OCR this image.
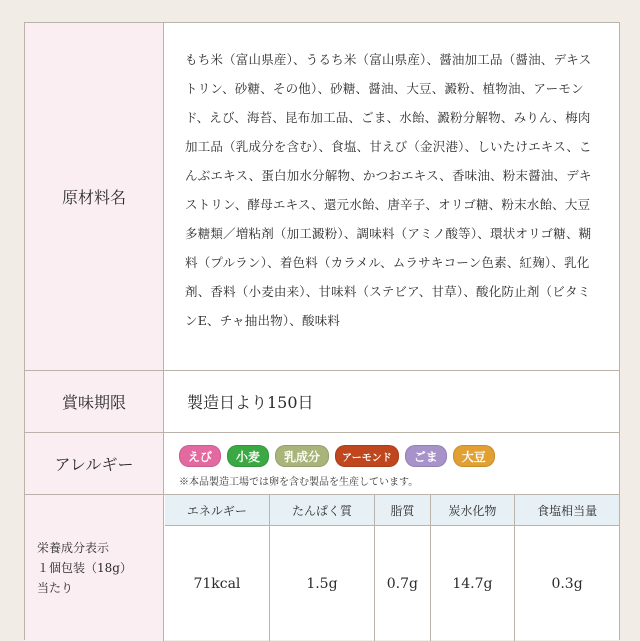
原材料名
もち米（富山県産）、うるち米（富山県産）、醤油加工品（醤油、デキストリン、砂糖、その他）、砂糖、醤油、大豆、澱粉、植物油、アーモンド、えび、海苔、昆布加工品、ごま、水飴、澱粉分解物、みりん、梅肉加工品（乳成分を含む）、食塩、甘えび（金沢港）、しいたけエキス、こんぶエキス、蛋白加水分解物、かつおエキス、香味油、粉末醤油、デキストリン、酵母エキス、還元水飴、唐辛子、オリゴ糖、粉末水飴、大豆多糖類／増粘剤（加工澱粉）、調味料（アミノ酸等）、環状オリゴ糖、糊料（プルラン）、着色料（カラメル、ムラサキコーン色素、紅麹）、乳化剤、香料（小麦由来）、甘味料（ステビア、甘草）、酸化防止剤（ビタミンE、チャ抽出物）、酸味料
賞味期限	製造日より150日
アレルギー	えび	小麦	乳成分	アーモンド	ごま	大豆
※本品製造工場では卵を含む製品を生産しています。
栄養成分表示
１個包装（18g）
当たり
エネルギー	たんぱく質	脂質	炭水化物	食塩相当量
71kcal	1.5g	0.7g	14.7g	0.3g
